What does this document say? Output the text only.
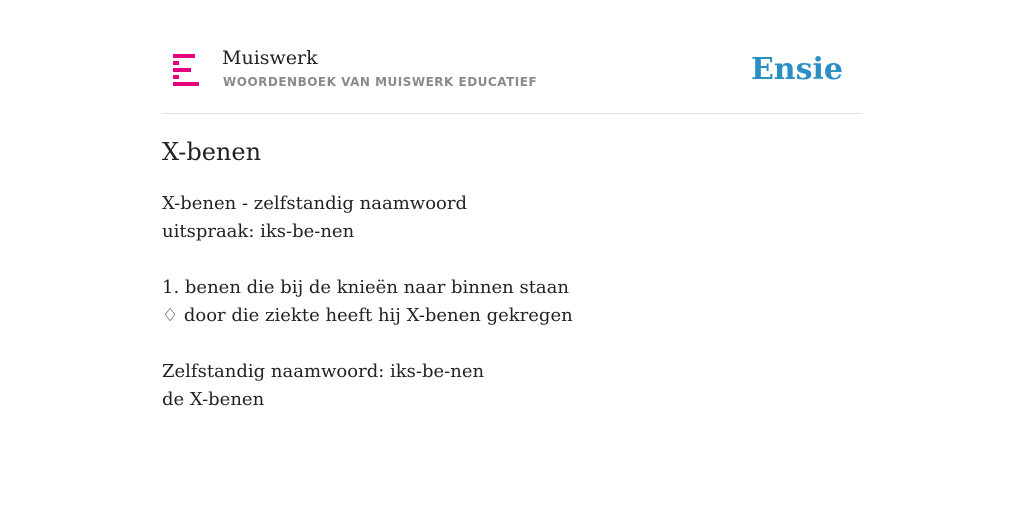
Muiswerk
WOORDENBOEK VAN MUISWERK EDUCATIEF	Ensie
X-benen
X-benen - zelfstandig naamwoord
uitspraak: iks-be-nen
1. benen die bij de knieën naar binnen staan
♢ door die ziekte heeft hij X-benen gekregen
Zelfstandig naamwoord: iks-be-nen
de X-benen
